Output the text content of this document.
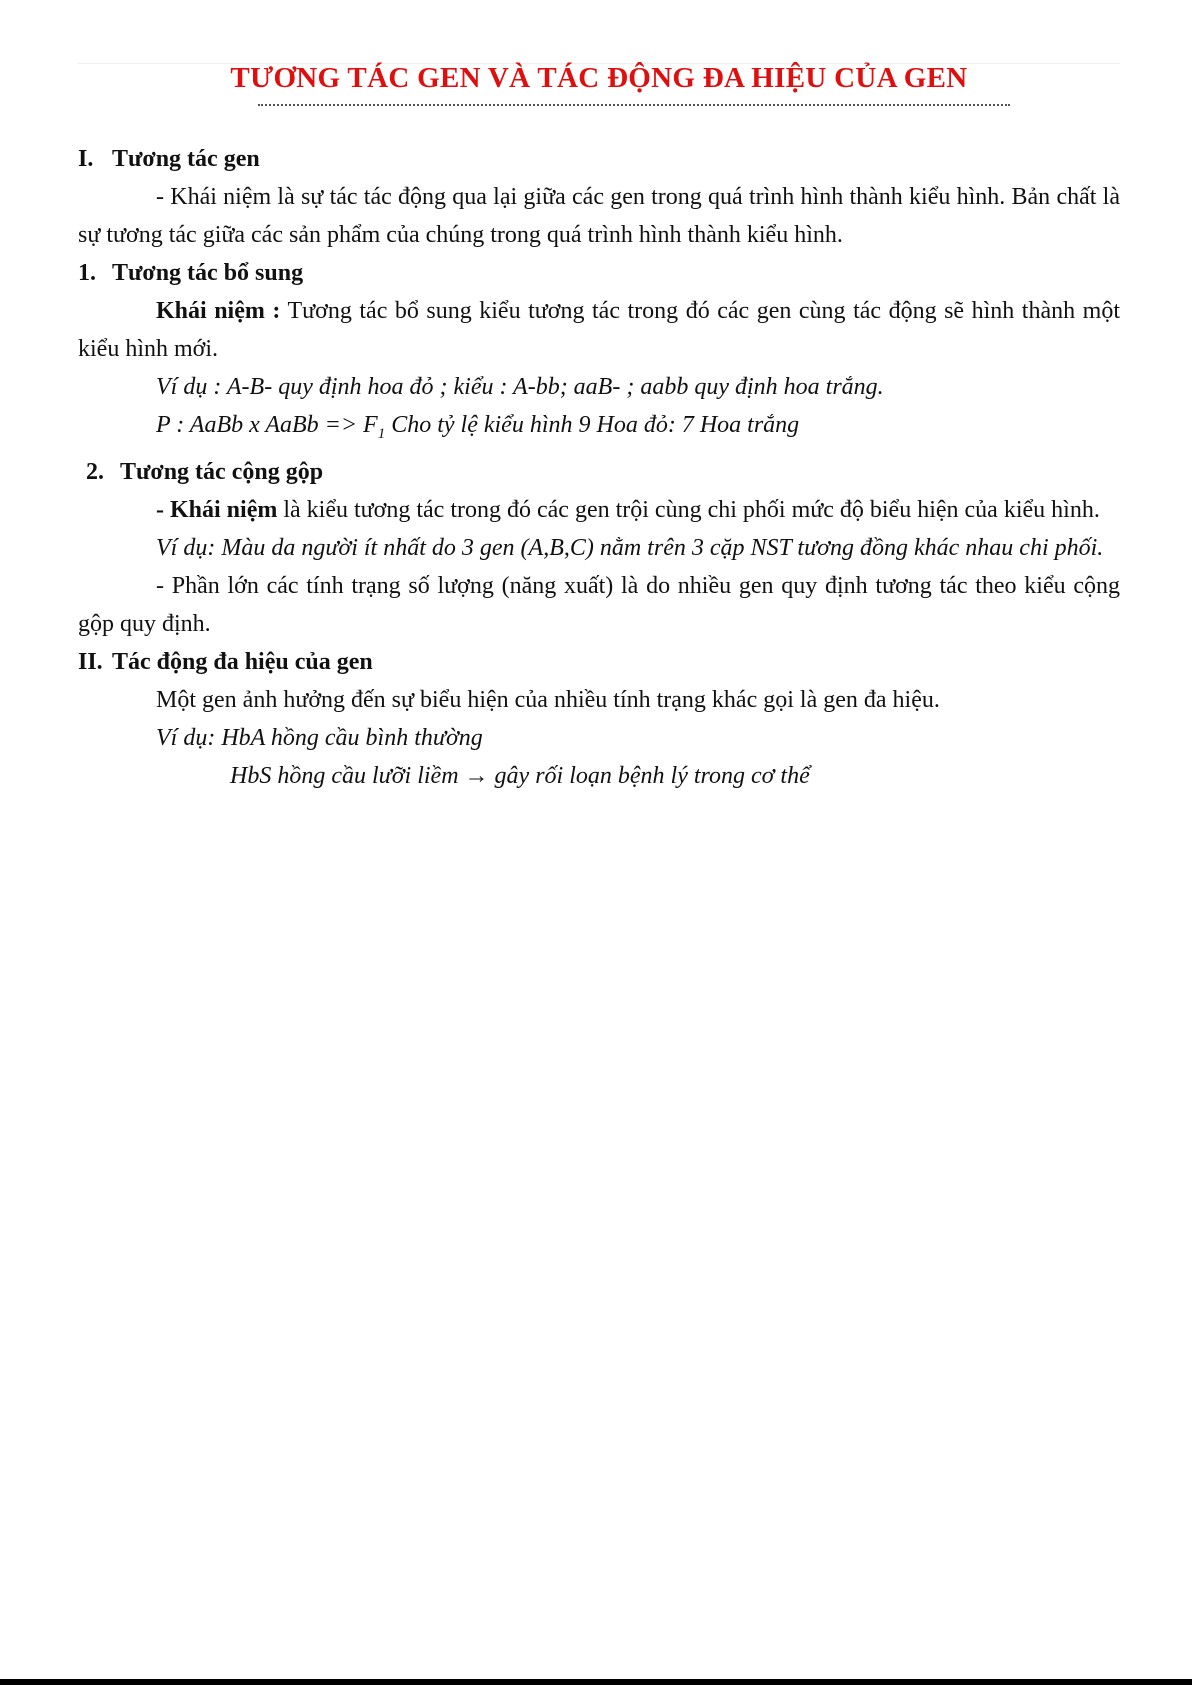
TƯƠNG TÁC GEN VÀ TÁC ĐỘNG ĐA HIỆU CỦA GEN
I. Tương tác gen

- Khái niệm là sự tác tác động qua lại giữa các gen trong quá trình hình thành kiểu hình. Bản chất là sự tương tác giữa các sản phẩm của chúng trong quá trình hình thành kiểu hình.

1. Tương tác bổ sung

Khái niệm : Tương tác bổ sung kiểu tương tác trong đó các gen cùng tác động sẽ hình thành một kiểu hình mới.

Ví dụ : A-B- quy định hoa đỏ ; kiểu : A-bb; aaB- ; aabb quy định hoa trắng.

P : AaBb x AaBb => $F_1$ Cho tỷ lệ kiểu hình 9 Hoa đỏ: 7 Hoa trắng

2. Tương tác cộng gộp

- Khái niệm là kiểu tương tác trong đó các gen trội cùng chi phối mức độ biểu hiện của kiểu hình.

Ví dụ: Màu da người ít nhất do 3 gen (A,B,C) nằm trên 3 cặp NST tương đồng khác nhau chi phối.

- Phần lớn các tính trạng số lượng (năng xuất) là do nhiều gen quy định tương tác theo kiểu cộng gộp quy định.

II. Tác động đa hiệu của gen

Một gen ảnh hưởng đến sự biểu hiện của nhiều tính trạng khác gọi là gen đa hiệu.

Ví dụ: HbA hồng cầu bình thường

HbS hồng cầu lưỡi liềm → gây rối loạn bệnh lý trong cơ thể
